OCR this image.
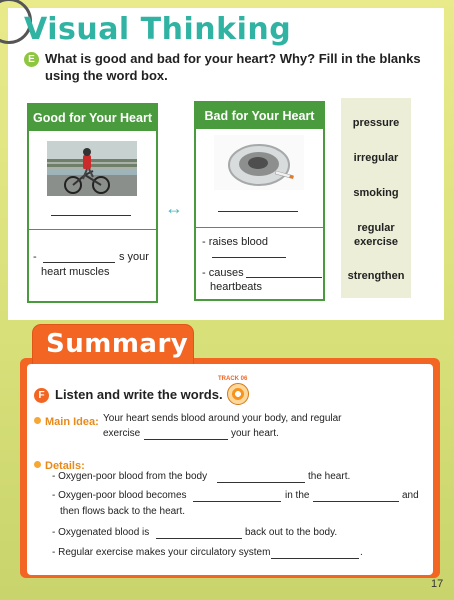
Visual Thinking
E What is good and bad for your heart? Why? Fill in the blanks using the word box.
Good for Your Heart
-	s your
heart muscles
↔
Bad for Your Heart
- raises blood
- causes
heartbeats
pressure
irregular
smoking
regular exercise
strengthen
Summary
F Listen and write the words.
TRACK 06
Main Idea: Your heart sends blood around your body, and regular
exercise	your heart.
Details:
- Oxygen-poor blood from the body	the heart.
- Oxygen-poor blood becomes	in the	and
then flows back to the heart.
- Oxygenated blood is	back out to the body.
- Regular exercise makes your circulatory system	.
17
